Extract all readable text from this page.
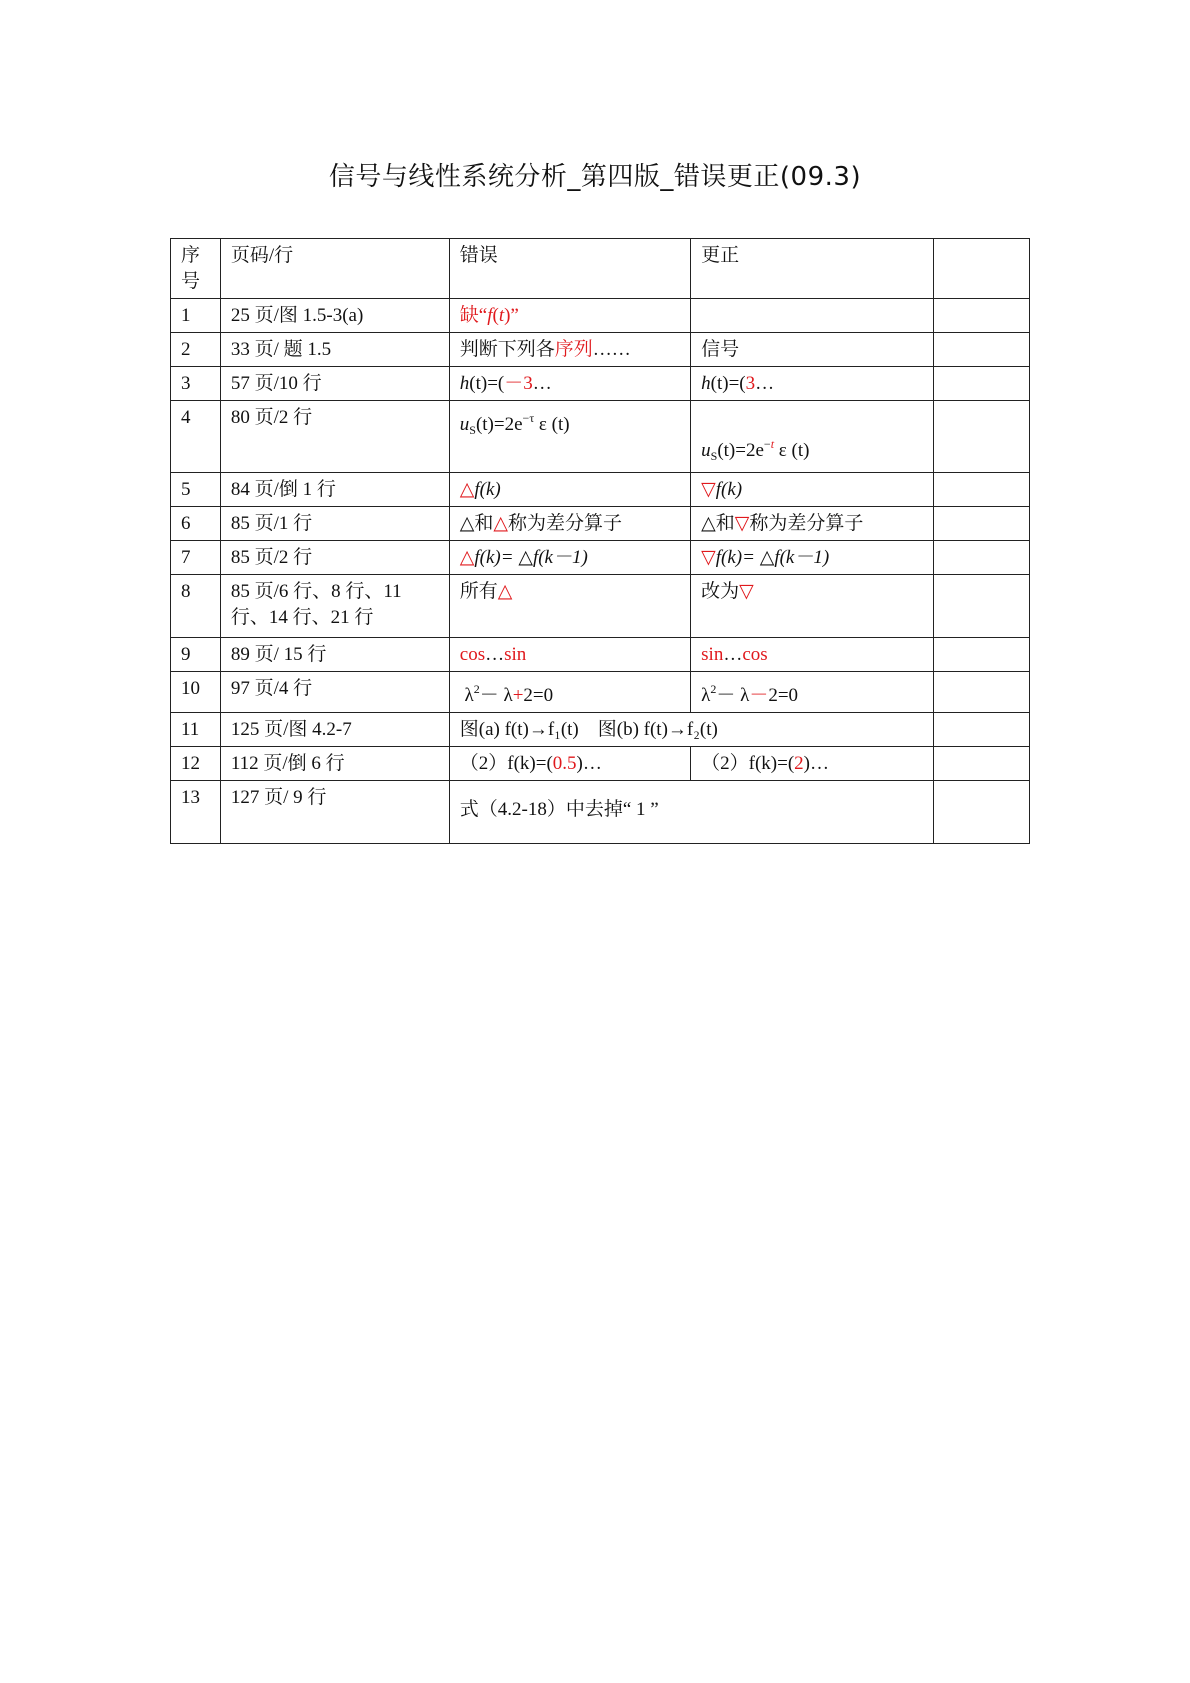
信号与线性系统分析_第四版_错误更正(09.3)
序号	页码/行	错误	更正	
1	25 页/图 1.5-3(a)	缺“f(t)”		
2	33 页/ 题 1.5	判断下列各序列……	信号	
3	57 页/10 行	h(t)=(－3…	h(t)=(3…	
4	80 页/2 行	$u_S(t)=2e^{-\tau}$ ε (t)	$u_S(t)=2e^{-t}$ ε (t)	
5	84 页/倒 1 行	△f(k)	▽f(k)	
6	85 页/1 行	△和△称为差分算子	△和▽称为差分算子	
7	85 页/2 行	△f(k)= △f(k－1)	▽f(k)= △f(k－1)	
8	85 页/6 行、8 行、11 行、14 行、21 行	所有△	改为▽	
9	89 页/ 15 行	cos…sin	sin…cos	
10	97 页/4 行	$\lambda^2- \lambda+2=0$	$\lambda^2- \lambda-2=0$	
11	125 页/图 4.2-7	图(a) f(t)→f₁(t)　图(b) f(t)→f₂(t)		
12	112 页/倒 6 行	（2）f(k)=(0.5)…	（2）f(k)=(2)…	
13	127 页/ 9 行	式（4.2-18）中去掉“ 1 ”		
